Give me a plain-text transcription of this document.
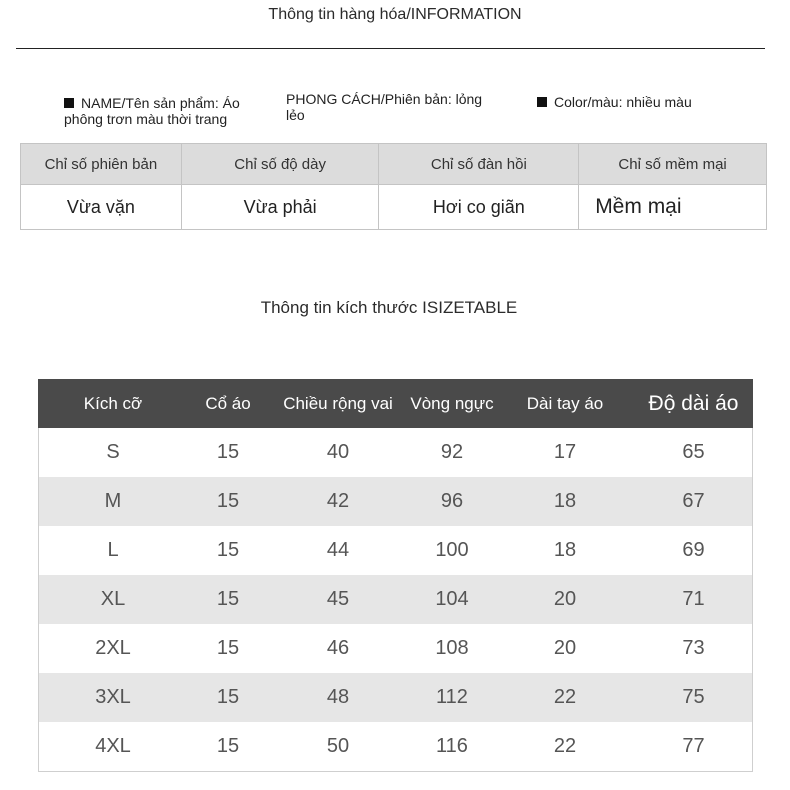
Thông tin hàng hóa/INFORMATION
NAME/Tên sản phẩm: Áo phông trơn màu thời trang
PHONG CÁCH/Phiên bản: lỏng lẻo
Color/màu: nhiều màu
Chỉ số phiên bản	Chỉ số độ dày	Chỉ số đàn hồi	Chỉ số mềm mại
Vừa vặn	Vừa phải	Hơi co giãn	Mềm mại
Thông tin kích thước ISIZETABLE
Kích cỡ	Cổ áo	Chiều rộng vai	Vòng ngực	Dài tay áo	Độ dài áo
S	15	40	92	17	65
M	15	42	96	18	67
L	15	44	100	18	69
XL	15	45	104	20	71
2XL	15	46	108	20	73
3XL	15	48	112	22	75
4XL	15	50	116	22	77
